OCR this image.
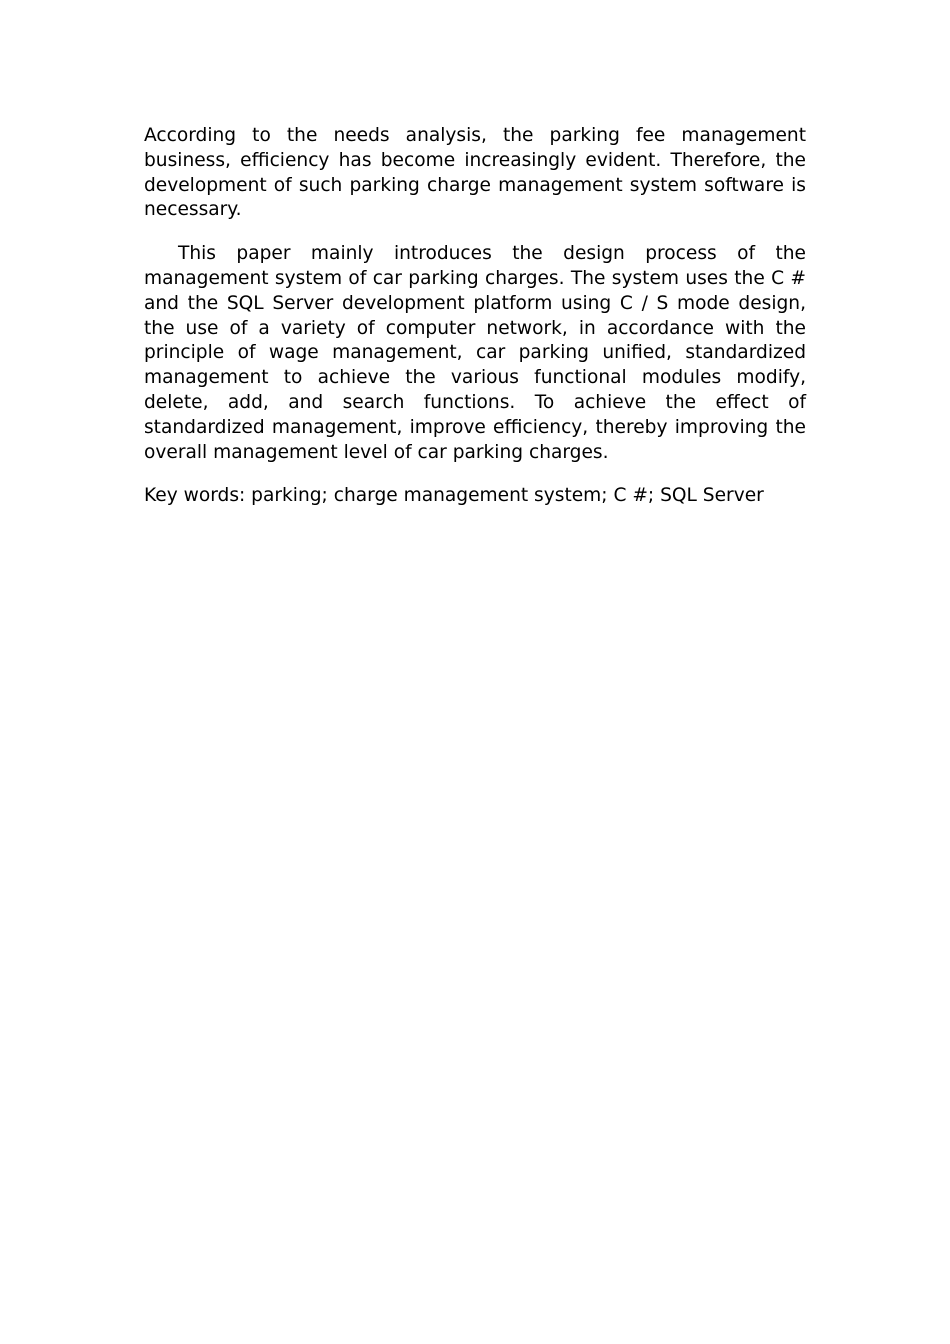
According to the needs analysis, the parking fee management business, efficiency has become increasingly evident. Therefore, the development of such parking charge management system software is necessary.

This paper mainly introduces the design process of the management system of car parking charges. The system uses the C # and the SQL Server development platform using C / S mode design, the use of a variety of computer network, in accordance with the principle of wage management, car parking unified, standardized management to achieve the various functional modules modify, delete, add, and search functions. To achieve the effect of standardized management, improve efficiency, thereby improving the overall management level of car parking charges.

Key words: parking; charge management system; C #; SQL Server
